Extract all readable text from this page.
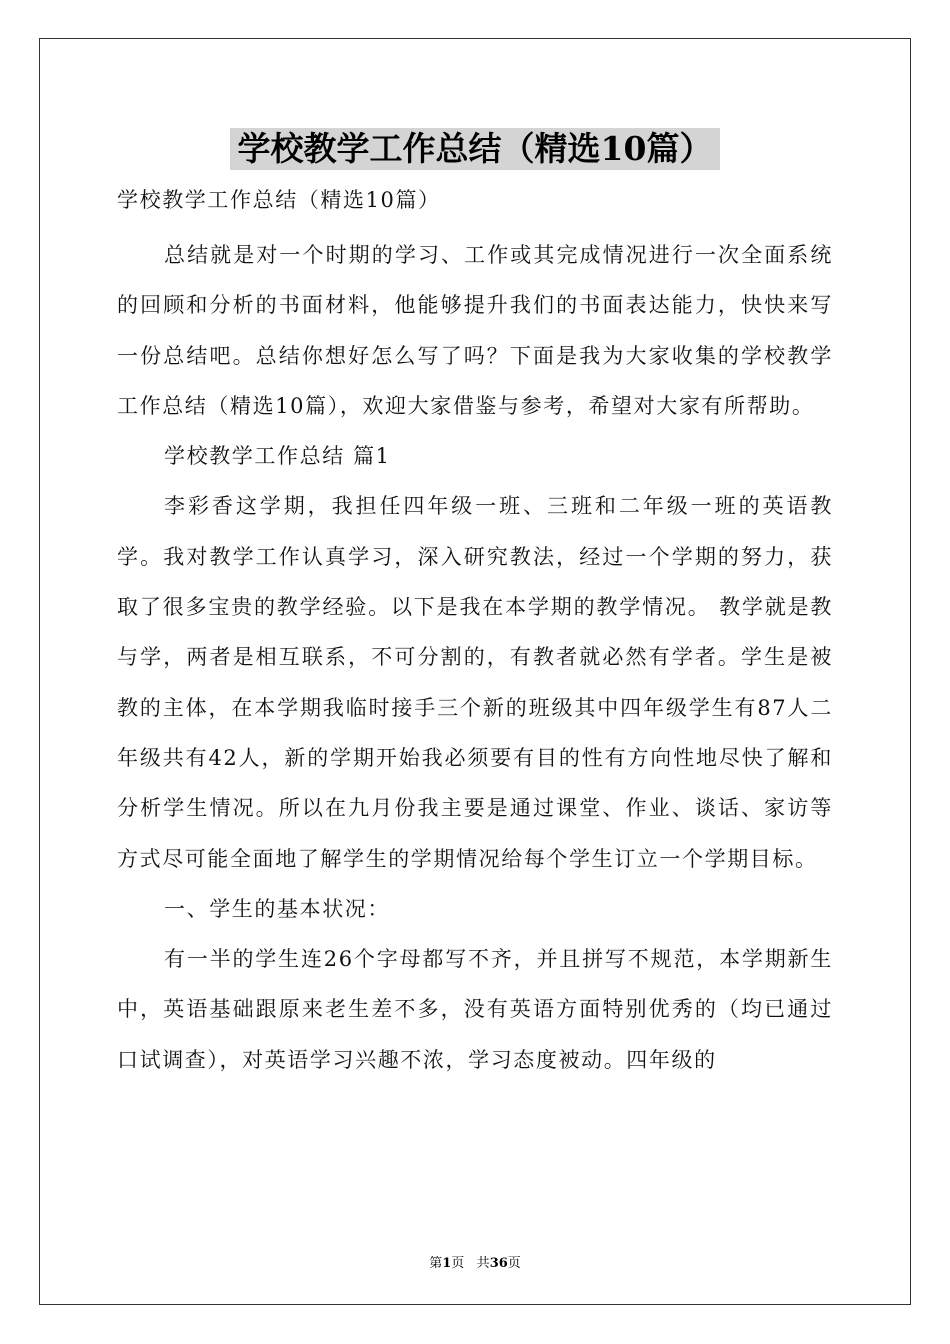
学校教学工作总结（精选10篇）

学校教学工作总结（精选10篇）

总结就是对一个时期的学习、工作或其完成情况进行一次全面系统的回顾和分析的书面材料，他能够提升我们的书面表达能力，快快来写一份总结吧。总结你想好怎么写了吗？下面是我为大家收集的学校教学工作总结（精选10篇），欢迎大家借鉴与参考，希望对大家有所帮助。

学校教学工作总结 篇1

李彩香这学期，我担任四年级一班、三班和二年级一班的英语教学。我对教学工作认真学习，深入研究教法，经过一个学期的努力，获取了很多宝贵的教学经验。以下是我在本学期的教学情况。 教学就是教与学，两者是相互联系，不可分割的，有教者就必然有学者。学生是被教的主体，在本学期我临时接手三个新的班级其中四年级学生有87人二年级共有42人，新的学期开始我必须要有目的性有方向性地尽快了解和分析学生情况。所以在九月份我主要是通过课堂、作业、谈话、家访等方式尽可能全面地了解学生的学期情况给每个学生订立一个学期目标。

一、学生的基本状况：

有一半的学生连26个字母都写不齐，并且拼写不规范，本学期新生中，英语基础跟原来老生差不多，没有英语方面特别优秀的（均已通过口试调查），对英语学习兴趣不浓，学习态度被动。四年级的

第1页 共36页
